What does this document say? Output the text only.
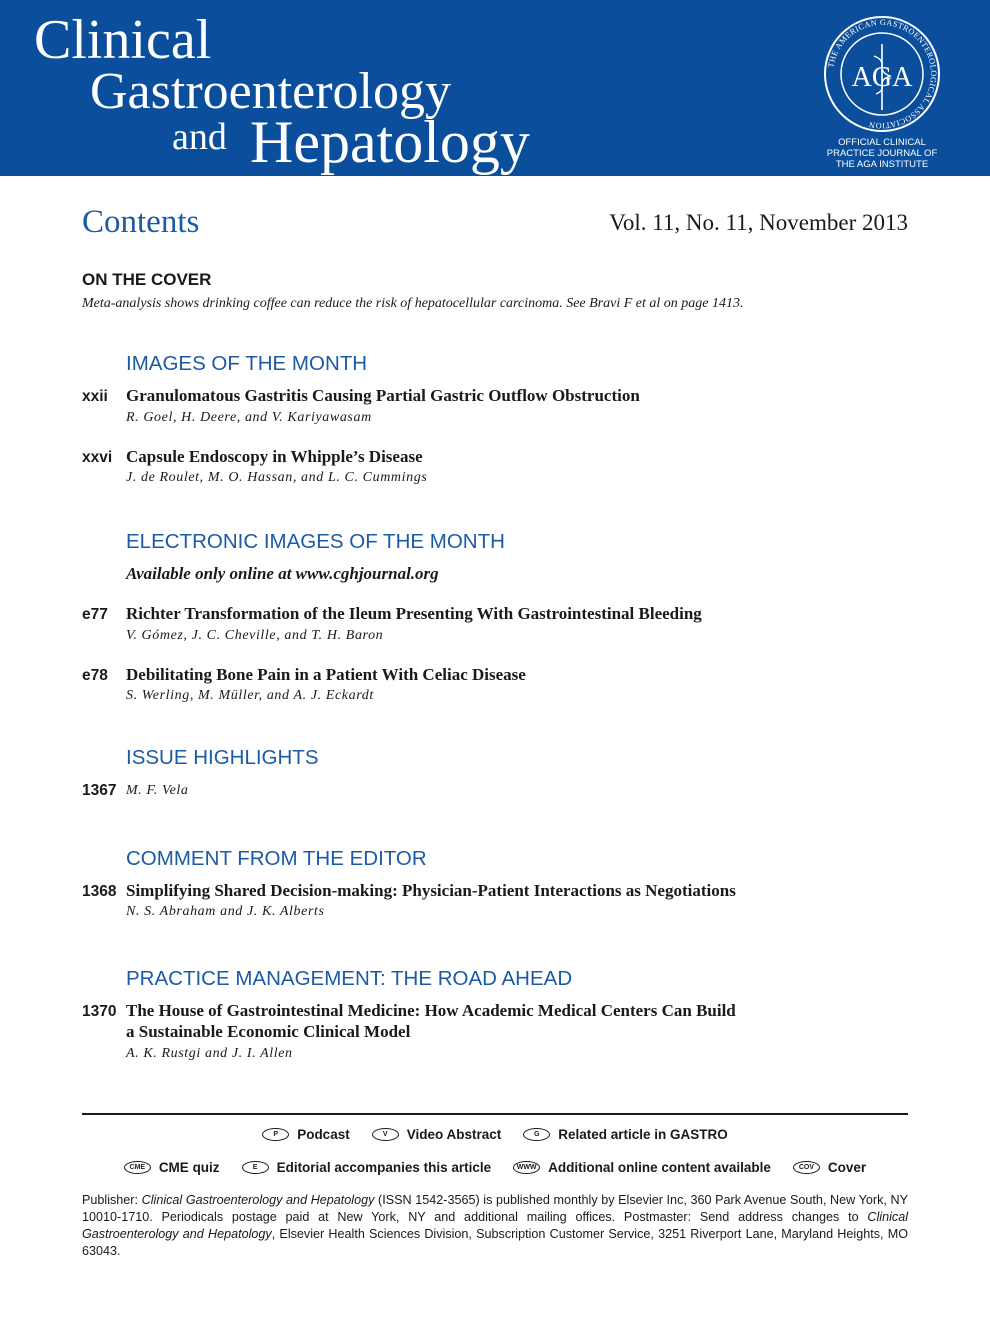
Clinical
Gastroenterology
and Hepatology
THE AMERICAN GASTROENTEROLOGICAL ASSOCIATION
AGA
OFFICIAL CLINICAL
PRACTICE JOURNAL OF
THE AGA INSTITUTE
Contents	Vol. 11, No. 11, November 2013
ON THE COVER
Meta-analysis shows drinking coffee can reduce the risk of hepatocellular carcinoma. See Bravi F et al on page 1413.
IMAGES OF THE MONTH
xxii Granulomatous Gastritis Causing Partial Gastric Outflow Obstruction
R. Goel, H. Deere, and V. Kariyawasam
xxvi Capsule Endoscopy in Whipple’s Disease
J. de Roulet, M. O. Hassan, and L. C. Cummings
ELECTRONIC IMAGES OF THE MONTH
Available only online at www.cghjournal.org
e77 Richter Transformation of the Ileum Presenting With Gastrointestinal Bleeding
V. Gómez, J. C. Cheville, and T. H. Baron
e78 Debilitating Bone Pain in a Patient With Celiac Disease
S. Werling, M. Müller, and A. J. Eckardt
ISSUE HIGHLIGHTS
1367 M. F. Vela
COMMENT FROM THE EDITOR
1368 Simplifying Shared Decision-making: Physician-Patient Interactions as Negotiations
N. S. Abraham and J. K. Alberts
PRACTICE MANAGEMENT: THE ROAD AHEAD
1370 The House of Gastrointestinal Medicine: How Academic Medical Centers Can Build
a Sustainable Economic Clinical Model
A. K. Rustgi and J. I. Allen
P	Podcast	V	Video Abstract	G	Related article in GASTRO
CME	CME quiz	E	Editorial accompanies this article	WWW Additional online content available	COV	Cover
Publisher: Clinical Gastroenterology and Hepatology (ISSN 1542-3565) is published monthly by Elsevier Inc, 360 Park Avenue South, New York, NY 10010-1710. Periodicals postage paid at New York, NY and additional mailing offices. Postmaster: Send address changes to Clinical Gastroenterology and Hepatology, Elsevier Health Sciences Division, Subscription Customer Service, 3251 Riverport Lane, Maryland Heights, MO 63043.
